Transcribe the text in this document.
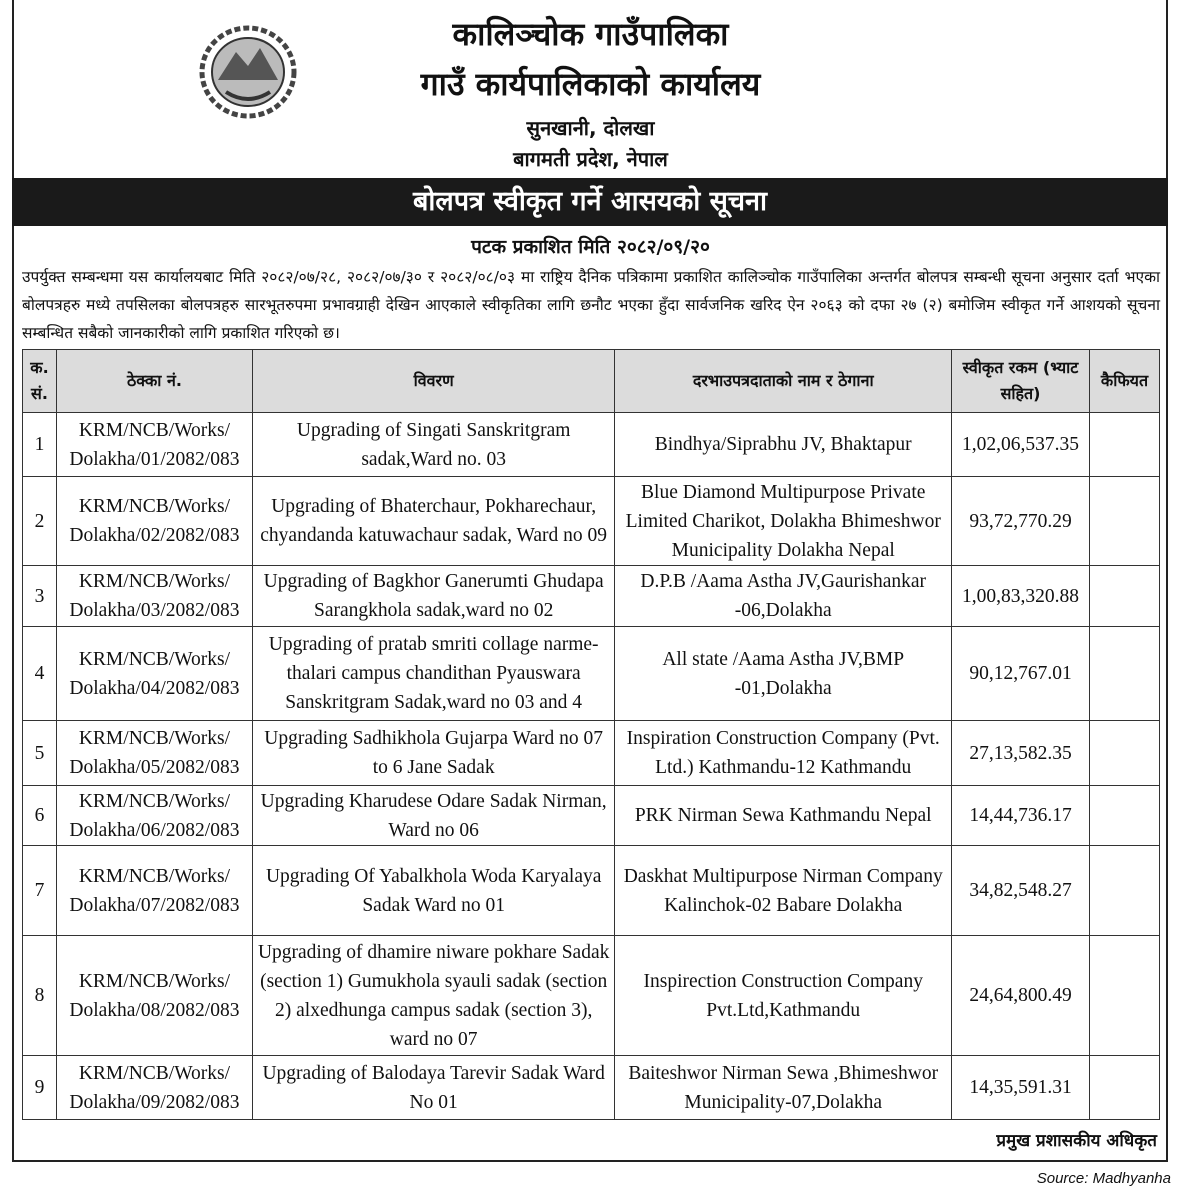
कालिञ्चोक गाउँपालिका
गाउँ कार्यपालिकाको कार्यालय
सुनखानी, दोलखा
बागमती प्रदेश, नेपाल
बोलपत्र स्वीकृत गर्ने आसयको सूचना
पटक प्रकाशित मिति २०८२/०९/२०
उपर्युक्त सम्बन्धमा यस कार्यालयबाट मिति २०८२/०७/२८, २०८२/०७/३० र २०८२/०८/०३ मा राष्ट्रिय दैनिक पत्रिकामा प्रकाशित कालिञ्चोक गाउँपालिका अन्तर्गत बोलपत्र सम्बन्धी सूचना अनुसार दर्ता भएका बोलपत्रहरु मध्ये तपसिलका बोलपत्रहरु सारभूतरुपमा प्रभावग्राही देखिन आएकाले स्वीकृतिका लागि छनौट भएका हुँदा सार्वजनिक खरिद ऐन २०६३ को दफा २७ (२) बमोजिम स्वीकृत गर्ने आशयको सूचना सम्बन्धित सबैको जानकारीको लागि प्रकाशित गरिएको छ।
क. सं.	ठेक्का नं.	विवरण	दरभाउपत्रदाताको नाम र ठेगाना	स्वीकृत रकम (भ्याट सहित)	कैफियत
1	KRM/NCB/Works/ Dolakha/01/2082/083	Upgrading of Singati Sanskritgram sadak,Ward no. 03	Bindhya/Siprabhu JV, Bhaktapur	1,02,06,537.35	
2	KRM/NCB/Works/ Dolakha/02/2082/083	Upgrading of Bhaterchaur, Pokharechaur, chyandanda katuwachaur sadak, Ward no 09	Blue Diamond Multipurpose Private Limited Charikot, Dolakha Bhimeshwor Municipality Dolakha Nepal	93,72,770.29	
3	KRM/NCB/Works/ Dolakha/03/2082/083	Upgrading of Bagkhor Ganerumti Ghudapa Sarangkhola sadak,ward no 02	D.P.B /Aama Astha JV,Gaurishankar -06,Dolakha	1,00,83,320.88	
4	KRM/NCB/Works/ Dolakha/04/2082/083	Upgrading of pratab smriti collage narme-thalari campus chandithan Pyauswara Sanskritgram Sadak,ward no 03 and 4	All state /Aama Astha JV,BMP -01,Dolakha	90,12,767.01	
5	KRM/NCB/Works/ Dolakha/05/2082/083	Upgrading Sadhikhola Gujarpa Ward no 07 to 6 Jane Sadak	Inspiration Construction Company (Pvt. Ltd.) Kathmandu-12 Kathmandu	27,13,582.35	
6	KRM/NCB/Works/ Dolakha/06/2082/083	Upgrading Kharudese Odare Sadak Nirman, Ward no 06	PRK Nirman Sewa Kathmandu Nepal	14,44,736.17	
7	KRM/NCB/Works/ Dolakha/07/2082/083	Upgrading Of Yabalkhola Woda Karyalaya Sadak Ward no 01	Daskhat Multipurpose Nirman Company Kalinchok-02 Babare Dolakha	34,82,548.27	
8	KRM/NCB/Works/ Dolakha/08/2082/083	Upgrading of dhamire niware pokhare Sadak (section 1) Gumukhola syauli sadak (section 2) alxedhunga campus sadak (section 3), ward no 07	Inspirection Construction Company Pvt.Ltd,Kathmandu	24,64,800.49	
9	KRM/NCB/Works/ Dolakha/09/2082/083	Upgrading of Balodaya Tarevir Sadak Ward No 01	Baiteshwor Nirman Sewa ,Bhimeshwor Municipality-07,Dolakha	14,35,591.31	
प्रमुख प्रशासकीय अधिकृत
Source: Madhyanha
